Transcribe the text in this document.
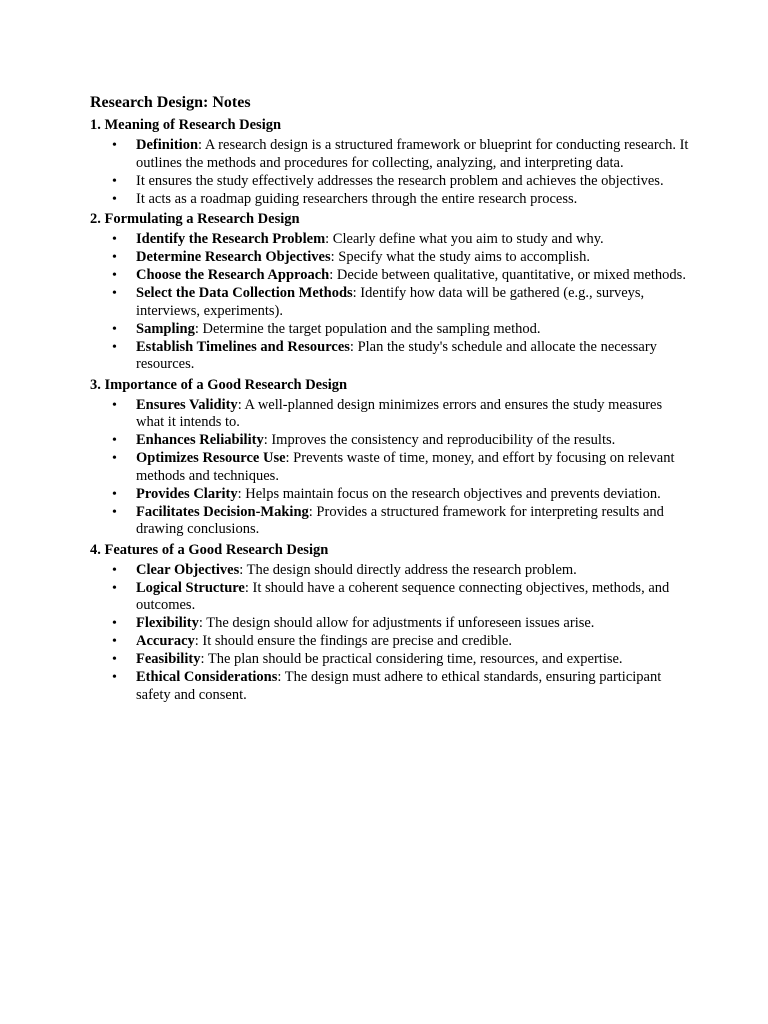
Research Design: Notes
1. Meaning of Research Design
• Definition: A research design is a structured framework or blueprint for conducting research. It outlines the methods and procedures for collecting, analyzing, and interpreting data.
• It ensures the study effectively addresses the research problem and achieves the objectives.
• It acts as a roadmap guiding researchers through the entire research process.
2. Formulating a Research Design
• Identify the Research Problem: Clearly define what you aim to study and why.
• Determine Research Objectives: Specify what the study aims to accomplish.
• Choose the Research Approach: Decide between qualitative, quantitative, or mixed methods.
• Select the Data Collection Methods: Identify how data will be gathered (e.g., surveys, interviews, experiments).
• Sampling: Determine the target population and the sampling method.
• Establish Timelines and Resources: Plan the study's schedule and allocate the necessary resources.
3. Importance of a Good Research Design
• Ensures Validity: A well-planned design minimizes errors and ensures the study measures what it intends to.
• Enhances Reliability: Improves the consistency and reproducibility of the results.
• Optimizes Resource Use: Prevents waste of time, money, and effort by focusing on relevant methods and techniques.
• Provides Clarity: Helps maintain focus on the research objectives and prevents deviation.
• Facilitates Decision-Making: Provides a structured framework for interpreting results and drawing conclusions.
4. Features of a Good Research Design
• Clear Objectives: The design should directly address the research problem.
• Logical Structure: It should have a coherent sequence connecting objectives, methods, and outcomes.
• Flexibility: The design should allow for adjustments if unforeseen issues arise.
• Accuracy: It should ensure the findings are precise and credible.
• Feasibility: The plan should be practical considering time, resources, and expertise.
• Ethical Considerations: The design must adhere to ethical standards, ensuring participant safety and consent.
